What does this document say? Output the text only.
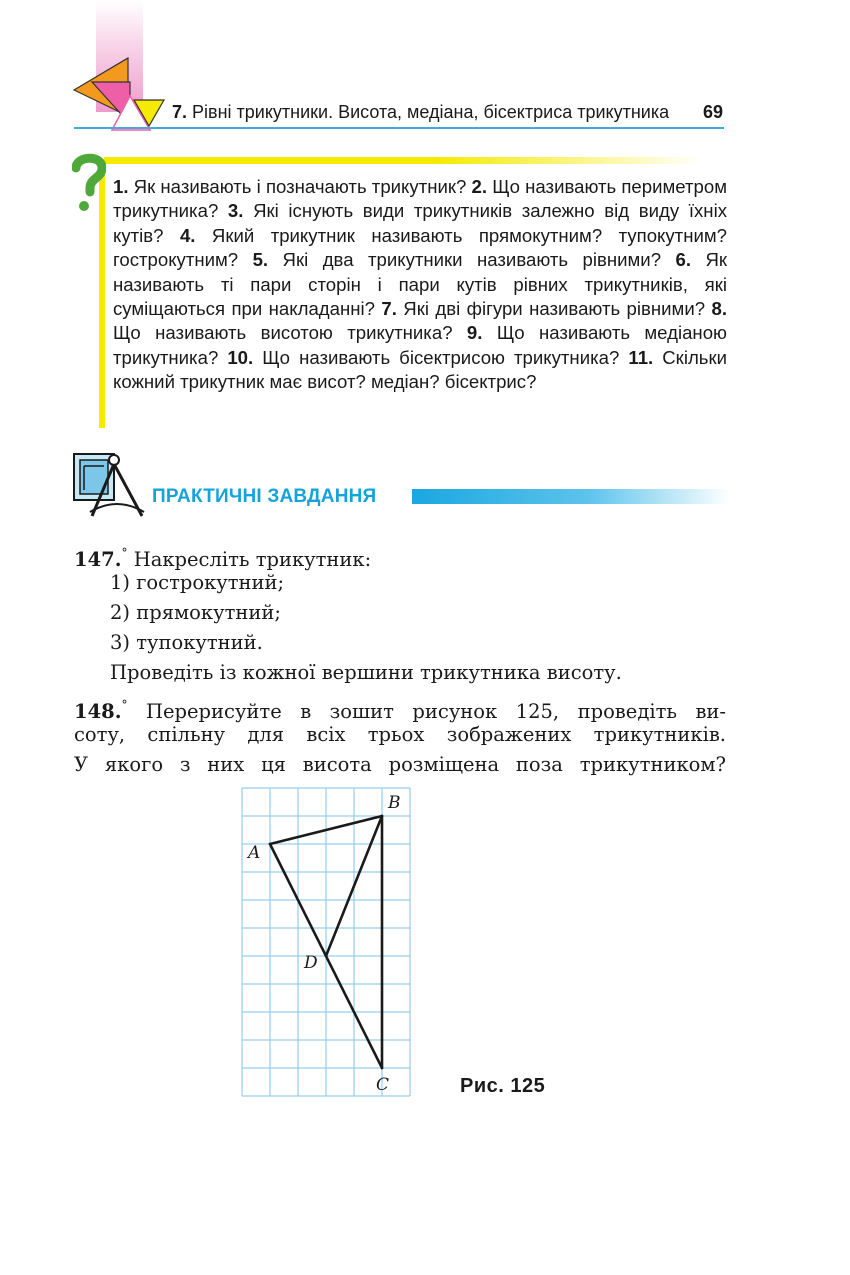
7. Рівні трикутники. Висота, медіана, бісектриса трикутника 69
1. Як називають і позначають трикутник? 2. Що називають периметром трикутника? 3. Які існують види трикутників залежно від виду їхніх кутів? 4. Який трикутник називають прямокутним? тупокутним? гострокутним? 5. Які два трикутники називають рівними? 6. Як називають ті пари сторін і пари кутів рівних трикутників, які суміщаються при накладанні? 7. Які дві фігури називають рівними? 8. Що називають висотою трикутника? 9. Що називають медіаною трикутника? 10. Що називають бісектрисою трикутника? 11. Скільки кожний трикутник має висот? медіан? бісектрис?
ПРАКТИЧНІ ЗАВДАННЯ
147.° Накресліть трикутник:
1) гострокутний;
2) прямокутний;
3) тупокутний.
Проведіть із кожної вершини трикутника висоту.
148.° Перерисуйте в зошит рисунок 125, проведіть ви-
соту, спільну для всіх трьох зображених трикутників.
У якого з них ця висота розміщена поза трикутником?
A
B
C
D
Рис. 125
